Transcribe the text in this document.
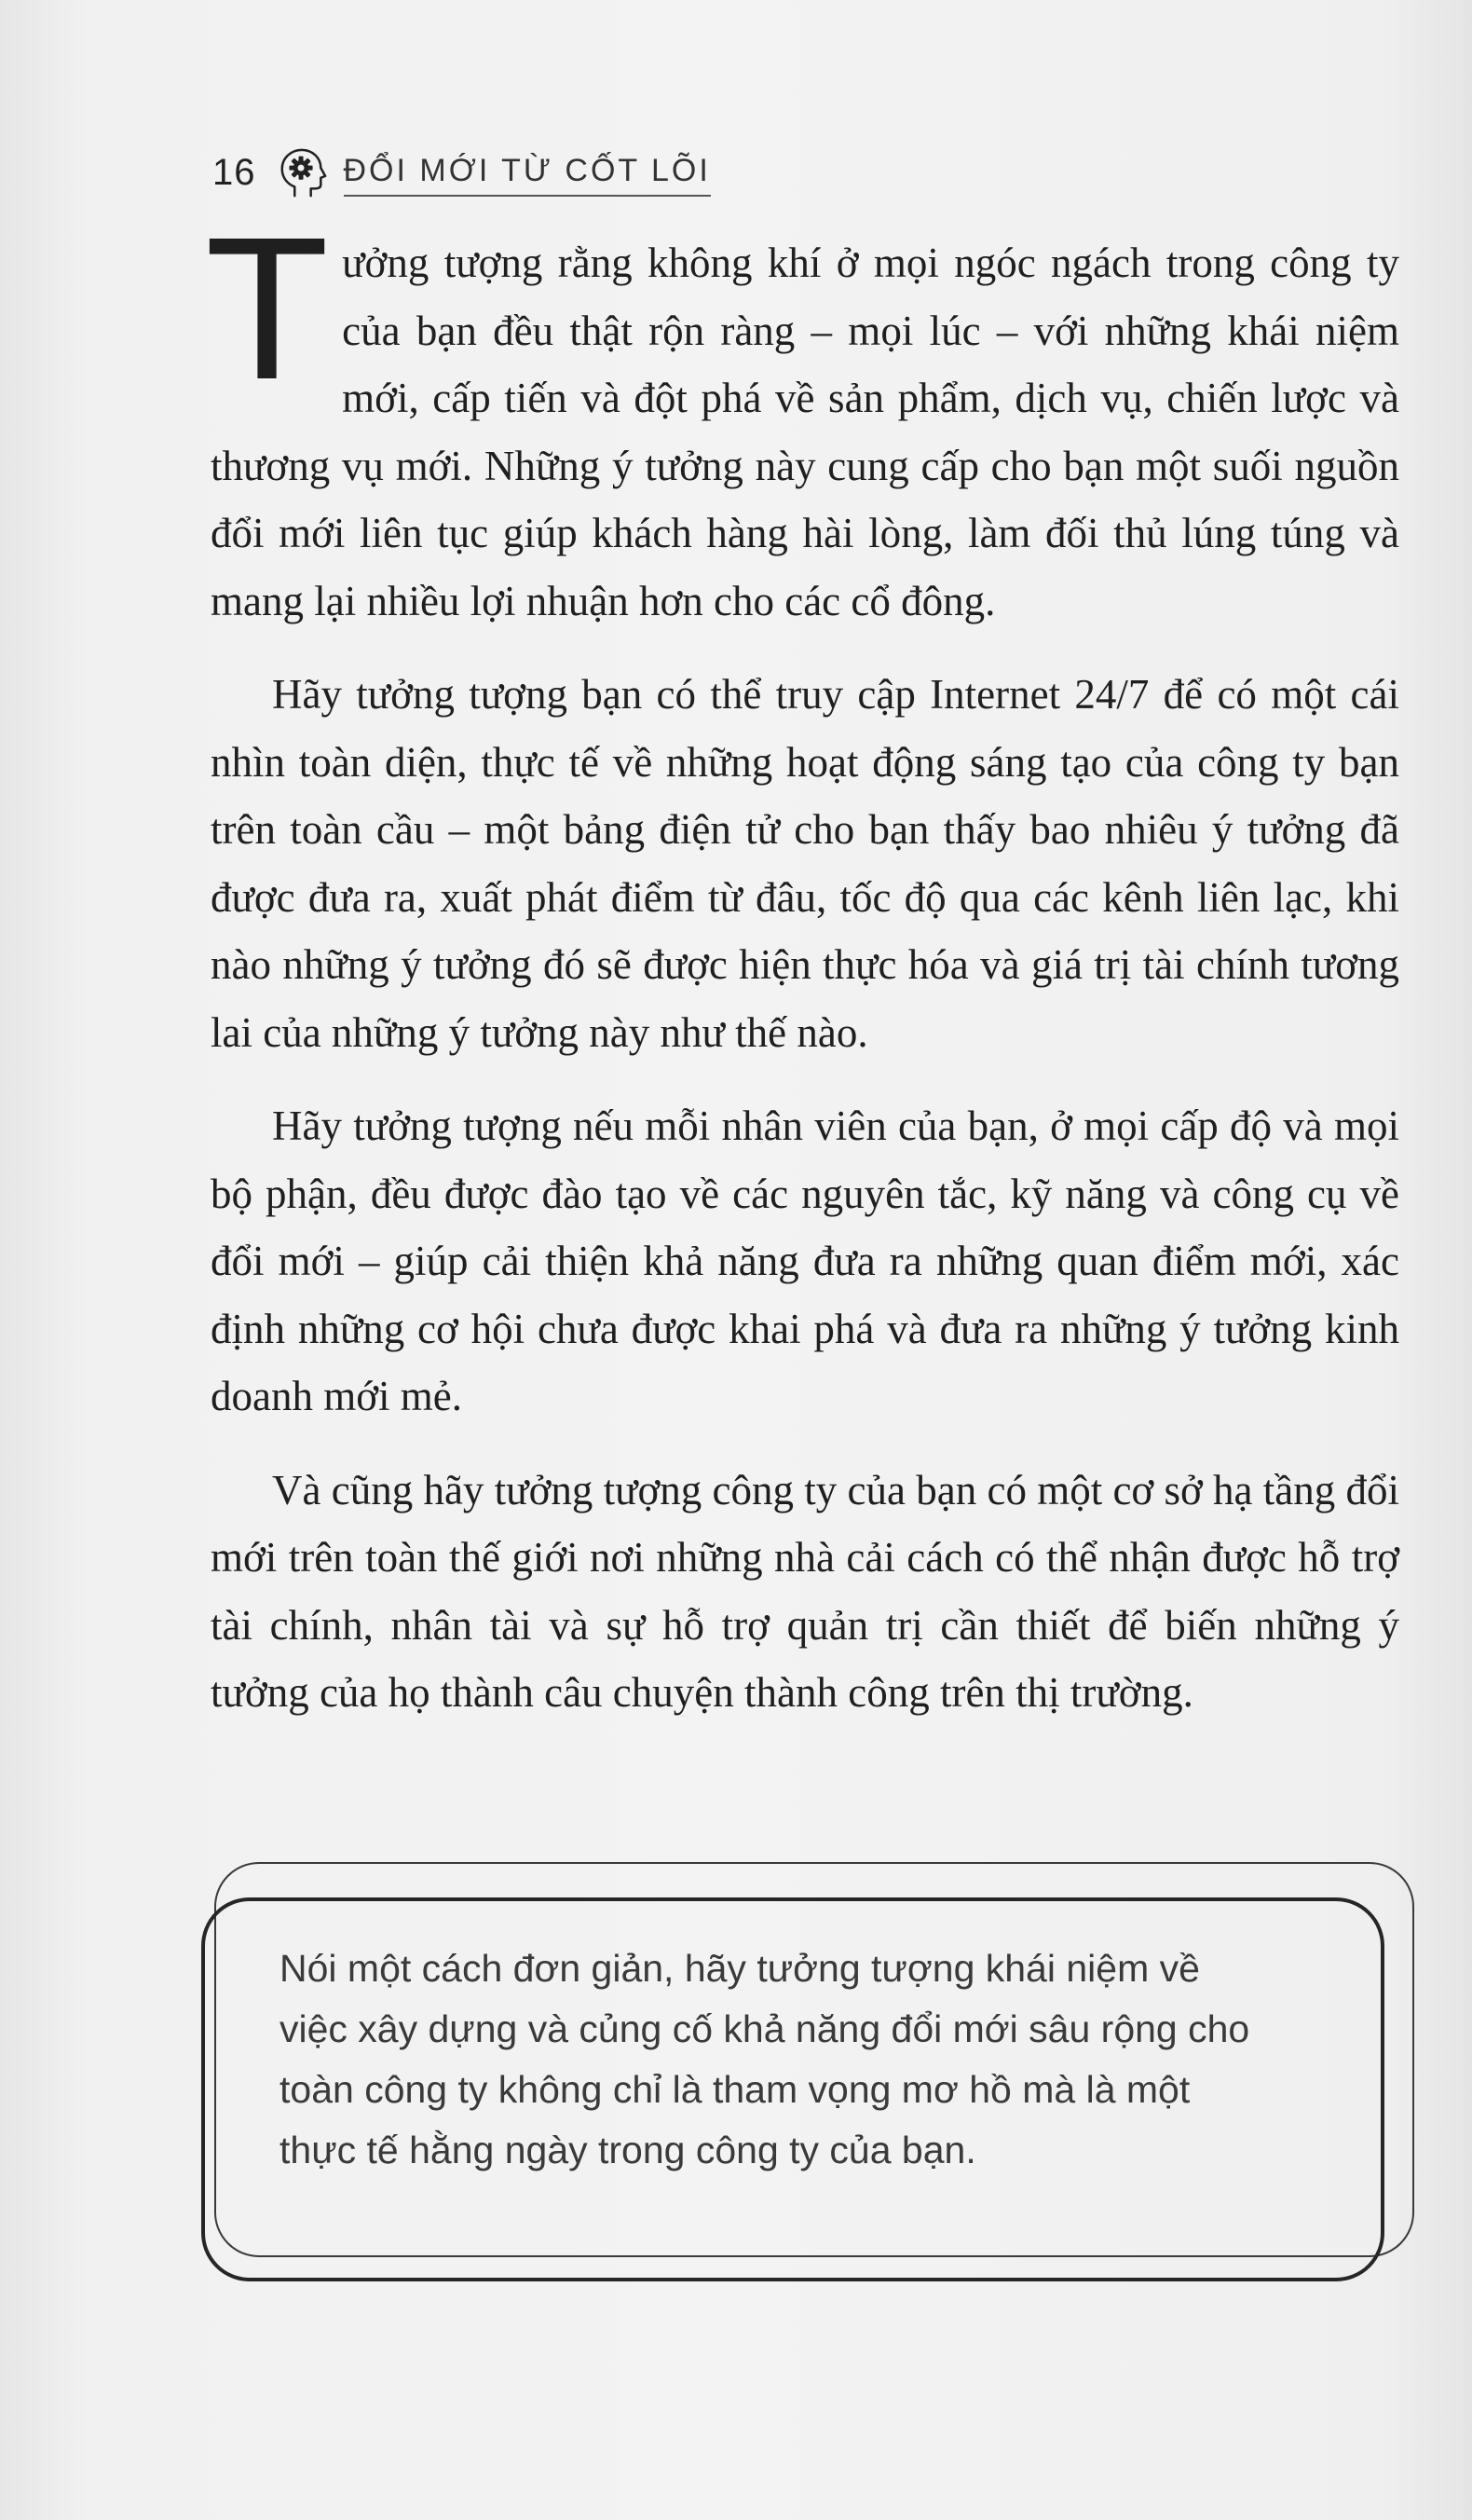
16	ĐỔI MỚI TỪ CỐT LÕI

Tưởng tượng rằng không khí ở mọi ngóc ngách trong công ty của bạn đều thật rộn ràng – mọi lúc – với những khái niệm mới, cấp tiến và đột phá về sản phẩm, dịch vụ, chiến lược và thương vụ mới. Những ý tưởng này cung cấp cho bạn một suối nguồn đổi mới liên tục giúp khách hàng hài lòng, làm đối thủ lúng túng và mang lại nhiều lợi nhuận hơn cho các cổ đông.

Hãy tưởng tượng bạn có thể truy cập Internet 24/7 để có một cái nhìn toàn diện, thực tế về những hoạt động sáng tạo của công ty bạn trên toàn cầu – một bảng điện tử cho bạn thấy bao nhiêu ý tưởng đã được đưa ra, xuất phát điểm từ đâu, tốc độ qua các kênh liên lạc, khi nào những ý tưởng đó sẽ được hiện thực hóa và giá trị tài chính tương lai của những ý tưởng này như thế nào.

Hãy tưởng tượng nếu mỗi nhân viên của bạn, ở mọi cấp độ và mọi bộ phận, đều được đào tạo về các nguyên tắc, kỹ năng và công cụ về đổi mới – giúp cải thiện khả năng đưa ra những quan điểm mới, xác định những cơ hội chưa được khai phá và đưa ra những ý tưởng kinh doanh mới mẻ.

Và cũng hãy tưởng tượng công ty của bạn có một cơ sở hạ tầng đổi mới trên toàn thế giới nơi những nhà cải cách có thể nhận được hỗ trợ tài chính, nhân tài và sự hỗ trợ quản trị cần thiết để biến những ý tưởng của họ thành câu chuyện thành công trên thị trường.

Nói một cách đơn giản, hãy tưởng tượng khái niệm về
việc xây dựng và củng cố khả năng đổi mới sâu rộng cho
toàn công ty không chỉ là tham vọng mơ hồ mà là một
thực tế hằng ngày trong công ty của bạn.
